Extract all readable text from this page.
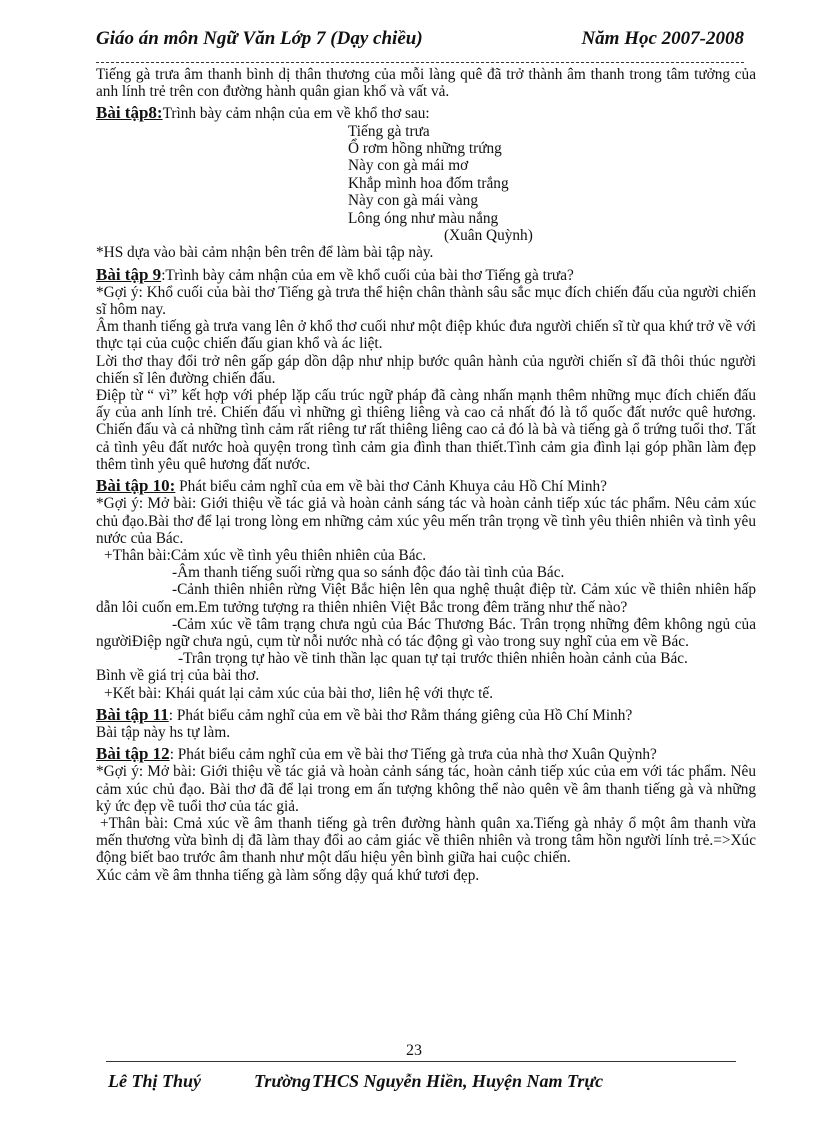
Giáo án môn Ngữ Văn Lớp 7 (Dạy chiều)	Năm Học 2007-2008

Tiếng gà trưa âm thanh bình dị thân thương của mỗi làng quê đã trở thành âm thanh trong tâm tưởng của anh lính trẻ trên con đường hành quân gian khổ và vất vả.

Bài tập8:Trình bày cảm nhận của em về khổ thơ sau:

Tiếng gà trưa
Ổ rơm hồng những trứng
Này con gà mái mơ
Khắp mình hoa đốm trắng
Này con gà mái vàng
Lông óng như màu nắng
(Xuân Quỳnh)

*HS dựa vào bài cảm nhận bên trên để làm bài tập này.

Bài tập 9:Trình bày cảm nhận của em về khổ cuối của bài thơ Tiếng gà trưa?

*Gợi ý: Khổ cuối của bài thơ Tiếng gà trưa thể hiện chân thành sâu sắc mục đích chiến đấu của người chiến sĩ hôm nay.

Âm thanh tiếng gà trưa vang lên ở khổ thơ cuối như một điệp khúc đưa người chiến sĩ từ qua khứ trở về với thực tại của cuộc chiến đấu gian khổ và ác liệt.

Lời thơ thay đổi trở nên gấp gáp dồn dập như nhịp bước quân hành của người chiến sĩ đã thôi thúc người chiến sĩ lên đường chiến đấu.

Điệp từ “ vì” kết hợp với phép lặp cấu trúc ngữ pháp đã càng nhấn mạnh thêm những mục đích chiến đấu ấy của anh lính trẻ. Chiến đấu vì những gì thiêng liêng và cao cả nhất đó là tổ quốc đất nước quê hương. Chiến đấu và cả những tình cảm rất riêng tư rất thiêng liêng cao cả đó là bà và tiếng gà ổ trứng tuổi thơ. Tất cả tình yêu đất nước hoà quyện trong tình cảm gia đình than thiết.Tình cảm gia đình lại góp phần làm đẹp thêm tình yêu quê hương đất nước.

Bài tập 10: Phát biểu cảm nghĩ của em về bài thơ Cảnh Khuya cảu Hồ Chí Minh?

*Gợi ý: Mở bài: Giới thiệu về tác giả và hoàn cảnh sáng tác và hoàn cảnh tiếp xúc tác phẩm. Nêu cảm xúc chủ đạo.Bài thơ để lại trong lòng em những cảm xúc yêu mến trân trọng về tình yêu thiên nhiên và tình yêu nước của Bác.

+Thân bài:Cảm xúc về tình yêu thiên nhiên của Bác.

-Âm thanh tiếng suối rừng qua so sánh độc đáo tài tình của Bác.

-Cảnh thiên nhiên rừng Việt Bắc hiện lên qua nghệ thuật điệp từ. Cảm xúc về thiên nhiên hấp dẫn lôi cuốn em.Em tưởng tượng ra thiên nhiên Việt Bắc trong đêm trăng như thế nào?

-Cảm xúc về tâm trạng chưa ngủ của Bác Thương Bác. Trân trọng những đêm không ngủ của ngườiĐiệp ngữ chưa ngủ, cụm từ nỗi nước nhà có tác động gì vào trong suy nghĩ của em về Bác.

-Trân trọng tự hào về tinh thần lạc quan tự tại trước thiên nhiên hoàn cảnh của Bác.

Bình về giá trị của bài thơ.

+Kết bài: Khái quát lại cảm xúc của bài thơ, liên hệ với thực tế.

Bài tập 11: Phát biểu cảm nghĩ của em về bài thơ Rằm tháng giêng của Hồ Chí Minh?

Bài tập này hs tự làm.

Bài tập 12: Phát biểu cảm nghĩ của em về bài thơ Tiếng gà trưa của nhà thơ Xuân Quỳnh?

*Gợi ý: Mở bài: Giới thiệu về tác giả và hoàn cảnh sáng tác, hoàn cảnh tiếp xúc của em với tác phẩm. Nêu cảm xúc chủ đạo. Bài thơ đã để lại trong em ấn tượng không thể nào quên về âm thanh tiếng gà và những kỷ ức đẹp về tuổi thơ của tác giả.

+Thân bài: Cmả xúc về âm thanh tiếng gà trên đường hành quân xa.Tiếng gà nhảy ổ một âm thanh vừa mến thương vừa bình dị đã làm thay đổi ao cảm giác về thiên nhiên và trong tâm hồn người lính trẻ.=>Xúc động biết bao trước âm thanh như một dấu hiệu yên bình giữa hai cuộc chiến.

Xúc cảm về âm thnha tiếng gà làm sống dậy quá khứ tươi đẹp.

23
Lê Thị Thuý	Trường THCS Nguyễn Hiền, Huyện Nam Trực
